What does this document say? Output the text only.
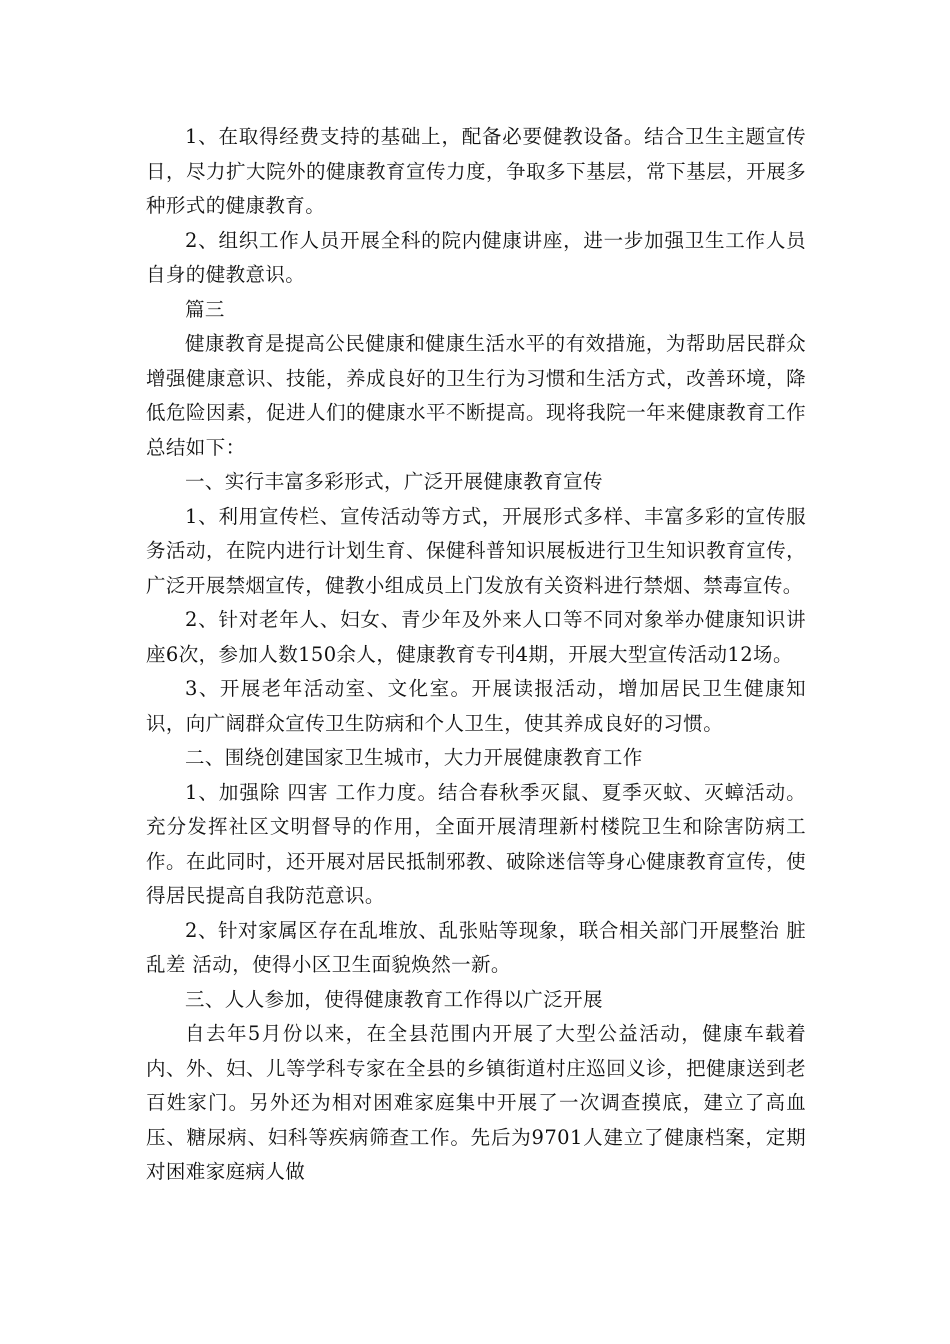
1、在取得经费支持的基础上，配备必要健教设备。结合卫生主题宣传日，尽力扩大院外的健康教育宣传力度，争取多下基层，常下基层，开展多种形式的健康教育。

2、组织工作人员开展全科的院内健康讲座，进一步加强卫生工作人员自身的健教意识。

篇三

健康教育是提高公民健康和健康生活水平的有效措施，为帮助居民群众增强健康意识、技能，养成良好的卫生行为习惯和生活方式，改善环境，降低危险因素，促进人们的健康水平不断提高。现将我院一年来健康教育工作总结如下：

一、实行丰富多彩形式，广泛开展健康教育宣传

1、利用宣传栏、宣传活动等方式，开展形式多样、丰富多彩的宣传服务活动，在院内进行计划生育、保健科普知识展板进行卫生知识教育宣传，广泛开展禁烟宣传，健教小组成员上门发放有关资料进行禁烟、禁毒宣传。

2、针对老年人、妇女、青少年及外来人口等不同对象举办健康知识讲座6次，参加人数150余人，健康教育专刊4期，开展大型宣传活动12场。

3、开展老年活动室、文化室。开展读报活动，增加居民卫生健康知识，向广阔群众宣传卫生防病和个人卫生，使其养成良好的习惯。

二、围绕创建国家卫生城市，大力开展健康教育工作

1、加强除 四害 工作力度。结合春秋季灭鼠、夏季灭蚊、灭蟑活动。充分发挥社区文明督导的作用，全面开展清理新村楼院卫生和除害防病工作。在此同时，还开展对居民抵制邪教、破除迷信等身心健康教育宣传，使得居民提高自我防范意识。

2、针对家属区存在乱堆放、乱张贴等现象，联合相关部门开展整治 脏乱差 活动，使得小区卫生面貌焕然一新。

三、人人参加，使得健康教育工作得以广泛开展

自去年5月份以来，在全县范围内开展了大型公益活动，健康车载着内、外、妇、儿等学科专家在全县的乡镇街道村庄巡回义诊，把健康送到老百姓家门。另外还为相对困难家庭集中开展了一次调查摸底，建立了高血压、糖尿病、妇科等疾病筛查工作。先后为9701人建立了健康档案，定期对困难家庭病人做
